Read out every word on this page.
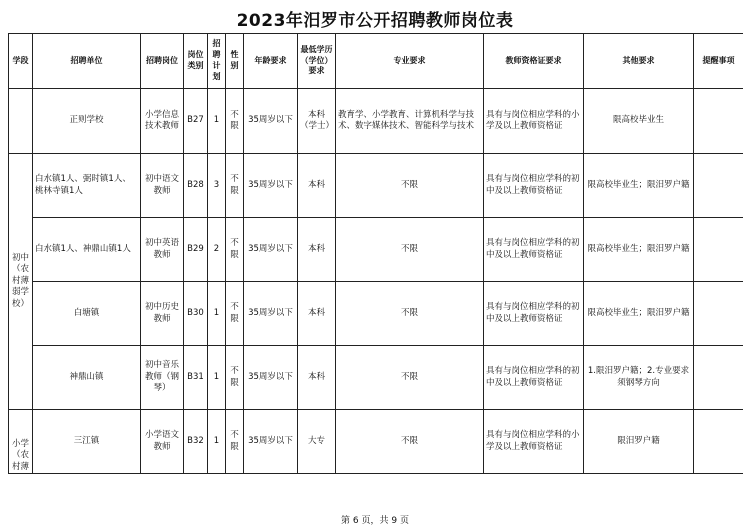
2023年汨罗市公开招聘教师岗位表
学段	招聘单位	招聘岗位	岗位类别	招聘计划	性别	年龄要求	最低学历（学位）要求	专业要求	教师资格证要求	其他要求	提醒事项
	正则学校	小学信息技术教师	B27	1	不限	35周岁以下	本科（学士）	教育学、小学教育、计算机科学与技术、数字媒体技术、智能科学与技术	具有与岗位相应学科的小学及以上教师资格证	限高校毕业生	
初中（农村薄弱学校）	白水镇1人、弼时镇1人、桃林寺镇1人	初中语文教师	B28	3	不限	35周岁以下	本科	不限	具有与岗位相应学科的初中及以上教师资格证	限高校毕业生；限汨罗户籍	
	白水镇1人、神鼎山镇1人	初中英语教师	B29	2	不限	35周岁以下	本科	不限	具有与岗位相应学科的初中及以上教师资格证	限高校毕业生；限汨罗户籍	
	白塘镇	初中历史教师	B30	1	不限	35周岁以下	本科	不限	具有与岗位相应学科的初中及以上教师资格证	限高校毕业生；限汨罗户籍	
	神鼎山镇	初中音乐教师（钢琴）	B31	1	不限	35周岁以下	本科	不限	具有与岗位相应学科的初中及以上教师资格证	1.限汨罗户籍；2.专业要求须钢琴方向	
小学（农村薄	三江镇	小学语文教师	B32	1	不限	35周岁以下	大专	不限	具有与岗位相应学科的小学及以上教师资格证	限汨罗户籍	
第 6 页，共 9 页
